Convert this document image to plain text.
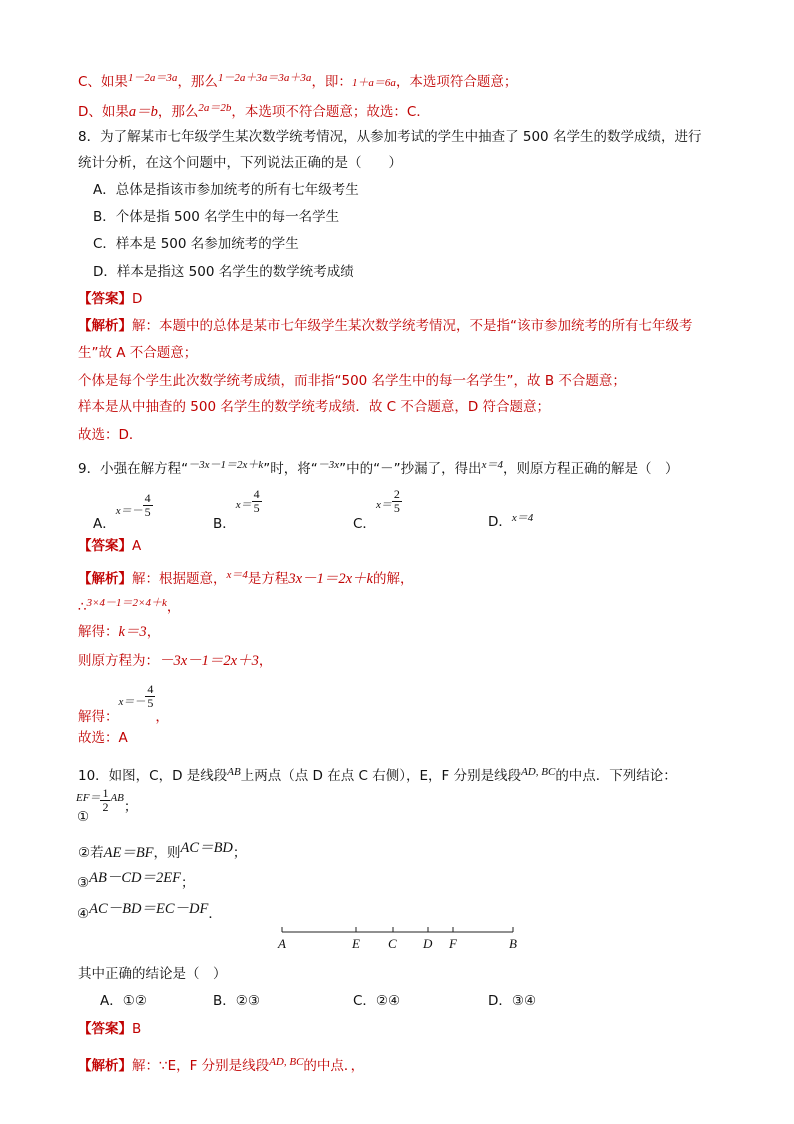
C、如果1－2a＝3a，那么1－2a＋3a＝3a＋3a，即：1＋a＝6a，本选项符合题意；
D、如果a＝b，那么2a＝2b，本选项不符合题意；故选：C．
8．为了解某市七年级学生某次数学统考情况，从参加考试的学生中抽查了 500 名学生的数学成绩，进行
统计分析，在这个问题中，下列说法正确的是（　　）
A．总体是指该市参加统考的所有七年级考生
B．个体是指 500 名学生中的每一名学生
C．样本是 500 名参加统考的学生
D．样本是指这 500 名学生的数学统考成绩
【答案】D
【解析】解：本题中的总体是某市七年级学生某次数学统考情况，不是指“该市参加统考的所有七年级考
生”故 A 不合题意；
个体是每个学生此次数学统考成绩，而非指“500 名学生中的每一名学生”，故 B 不合题意；
样本是从中抽查的 500 名学生的数学统考成绩．故 C 不合题意，D 符合题意；
故选：D．
9．小强在解方程“－3x－1＝2x＋k”时，将“－3x”中的“－”抄漏了，得出x＝4，则原方程正确的解是（　）
A．$_{x=-} \frac{4}{5}$
B．$x= \frac{4}{5}$
C．$x= \frac{2}{5}$
D．x＝4
【答案】A
【解析】解：根据题意，x＝4是方程3x－1＝2x＋k的解，
∴3×4－1＝2×4＋k，
解得：k＝3，
则原方程为：－3x－1＝2x＋3，
解得：$_{x=-} \frac{4}{5}$
，
故选：A
10．如图，C，D 是线段AB上两点（点 D 在点 C 右侧），E，F 分别是线段AD, BC的中点．下列结论：
$^{EF=} \frac{1}{2} ^{AB}$；
①
②若AE＝BF，则AC＝BD；
③AB－CD＝2EF；
④AC－BD＝EC－DF．
A	E C D F	B
其中正确的结论是（　）
A．①②	B．②③	C．②④	D．③④
【答案】B
【解析】解：∵E，F 分别是线段AD, BC的中点．，
